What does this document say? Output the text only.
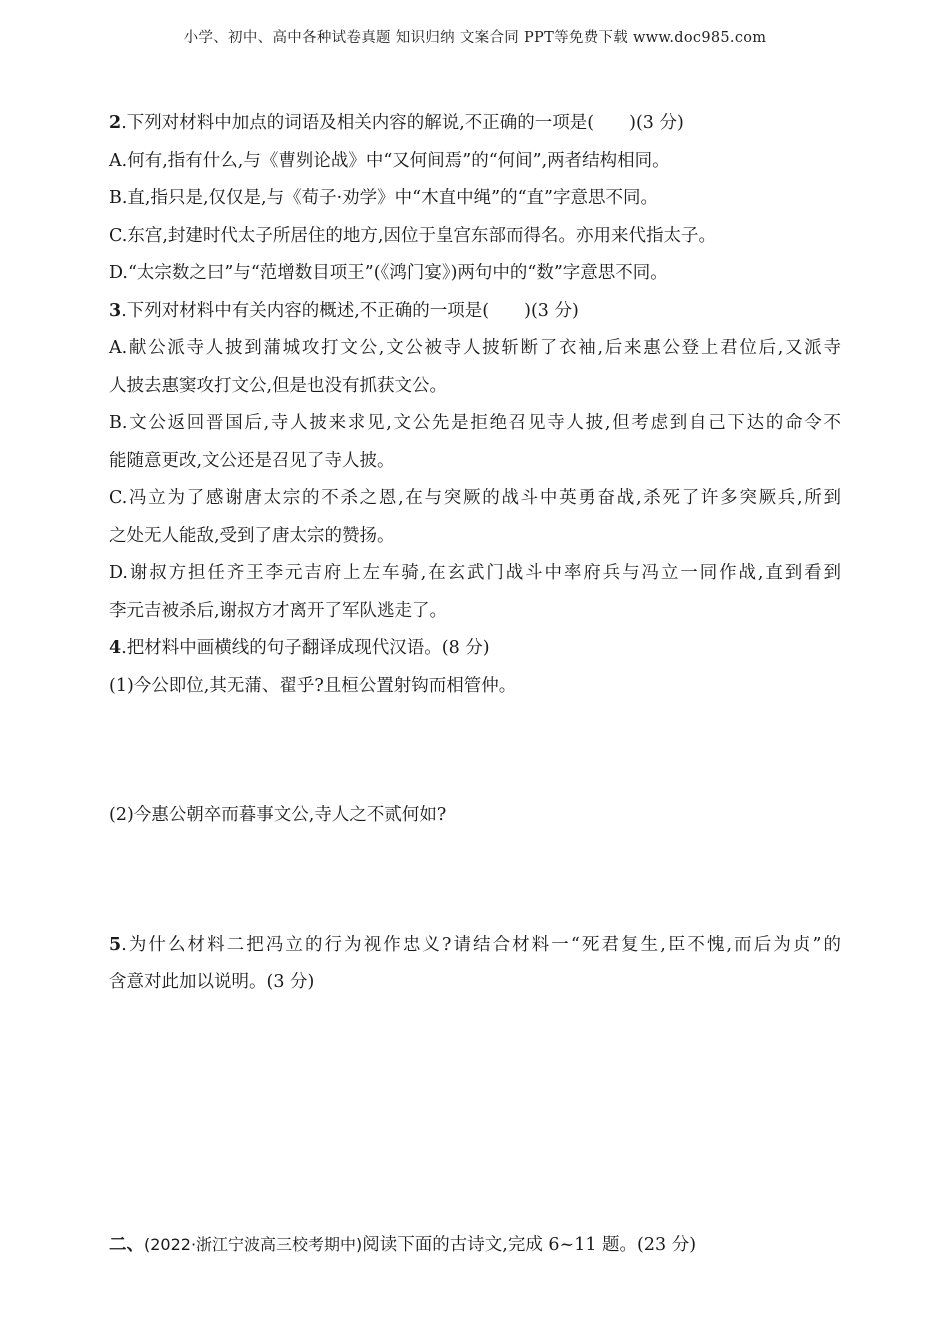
小学、初中、高中各种试卷真题 知识归纳 文案合同 PPT等免费下载 www.doc985.com

2.下列对材料中加点的词语及相关内容的解说,不正确的一项是(　　)(3 分)

A.何有,指有什么,与《曹刿论战》中“又何间焉”的“何间”,两者结构相同。

B.直,指只是,仅仅是,与《荀子·劝学》中“木直中绳”的“直”字意思不同。

C.东宫,封建时代太子所居住的地方,因位于皇宫东部而得名。亦用来代指太子。

D.“太宗数之曰”与“范增数目项王”(《鸿门宴》)两句中的“数”字意思不同。

3.下列对材料中有关内容的概述,不正确的一项是(　　)(3 分)

A.献公派寺人披到蒲城攻打文公,文公被寺人披斩断了衣袖,后来惠公登上君位后,又派寺

人披去惠窦攻打文公,但是也没有抓获文公。

B.文公返回晋国后,寺人披来求见,文公先是拒绝召见寺人披,但考虑到自己下达的命令不

能随意更改,文公还是召见了寺人披。

C.冯立为了感谢唐太宗的不杀之恩,在与突厥的战斗中英勇奋战,杀死了许多突厥兵,所到

之处无人能敌,受到了唐太宗的赞扬。

D.谢叔方担任齐王李元吉府上左车骑,在玄武门战斗中率府兵与冯立一同作战,直到看到

李元吉被杀后,谢叔方才离开了军队逃走了。

4.把材料中画横线的句子翻译成现代汉语。(8 分)

(1)今公即位,其无蒲、翟乎?且桓公置射钩而相管仲。

(2)今惠公朝卒而暮事文公,寺人之不贰何如?

5.为什么材料二把冯立的行为视作忠义?请结合材料一“死君复生,臣不愧,而后为贞”的

含意对此加以说明。(3 分)

二、(2022·浙江宁波高三校考期中)阅读下面的古诗文,完成 6~11 题。(23 分)
